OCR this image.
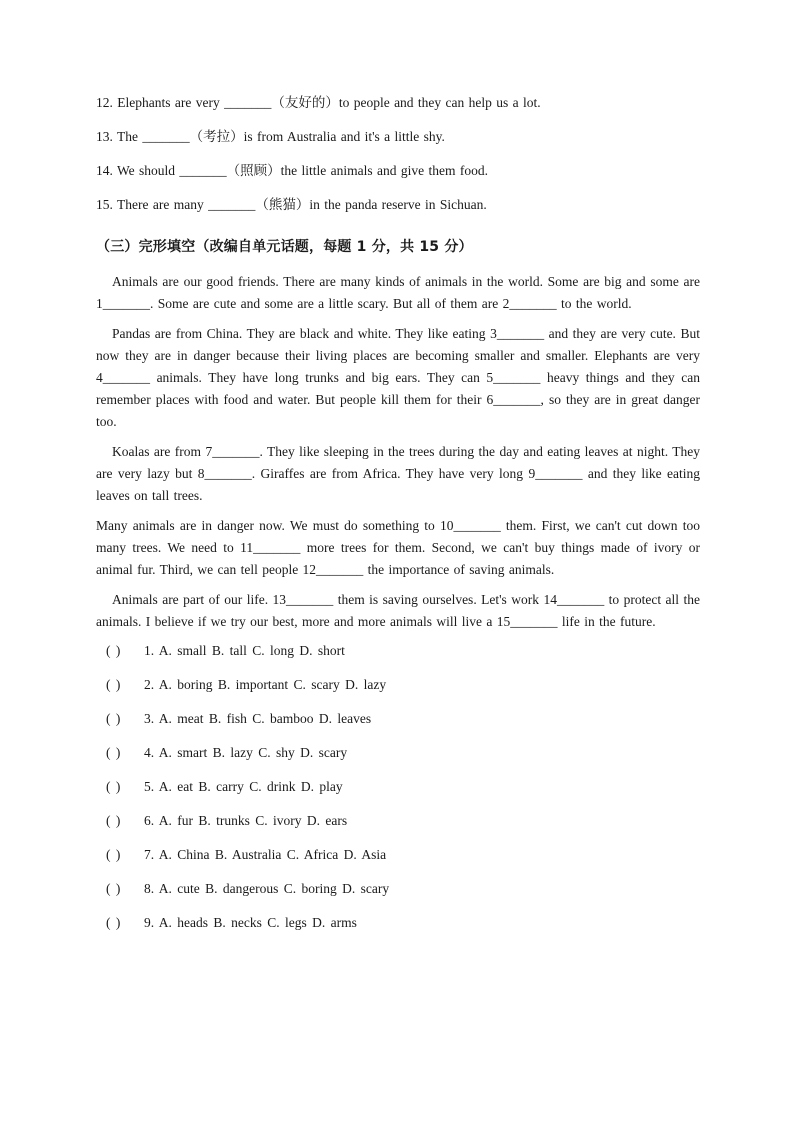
12. Elephants are very _______（友好的）to people and they can help us a lot.
13. The _______（考拉）is from Australia and it's a little shy.
14. We should _______（照顾）the little animals and give them food.
15. There are many _______（熊猫）in the panda reserve in Sichuan.
（三）完形填空（改编自单元话题，每题 1 分，共 15 分）

Animals are our good friends. There are many kinds of animals in the world. Some are big and some are 1_______. Some are cute and some are a little scary. But all of them are 2_______ to the world.

Pandas are from China. They are black and white. They like eating 3_______ and they are very cute. But now they are in danger because their living places are becoming smaller and smaller. Elephants are very 4_______ animals. They have long trunks and big ears. They can 5_______ heavy things and they can remember places with food and water. But people kill them for their 6_______, so they are in great danger too.

Koalas are from 7_______. They like sleeping in the trees during the day and eating leaves at night. They are very lazy but 8_______. Giraffes are from Africa. They have very long 9_______ and they like eating leaves on tall trees.

Many animals are in danger now. We must do something to 10_______ them. First, we can't cut down too many trees. We need to 11_______ more trees for them. Second, we can't buy things made of ivory or animal fur. Third, we can tell people 12_______ the importance of saving animals.

Animals are part of our life. 13_______ them is saving ourselves. Let's work 14_______ to protect all the animals. I believe if we try our best, more and more animals will live a 15_______ life in the future.

( ) 1. A. small B. tall C. long D. short
( ) 2. A. boring B. important C. scary D. lazy
( ) 3. A. meat B. fish C. bamboo D. leaves
( ) 4. A. smart B. lazy C. shy D. scary
( ) 5. A. eat B. carry C. drink D. play
( ) 6. A. fur B. trunks C. ivory D. ears
( ) 7. A. China B. Australia C. Africa D. Asia
( ) 8. A. cute B. dangerous C. boring D. scary
( ) 9. A. heads B. necks C. legs D. arms
